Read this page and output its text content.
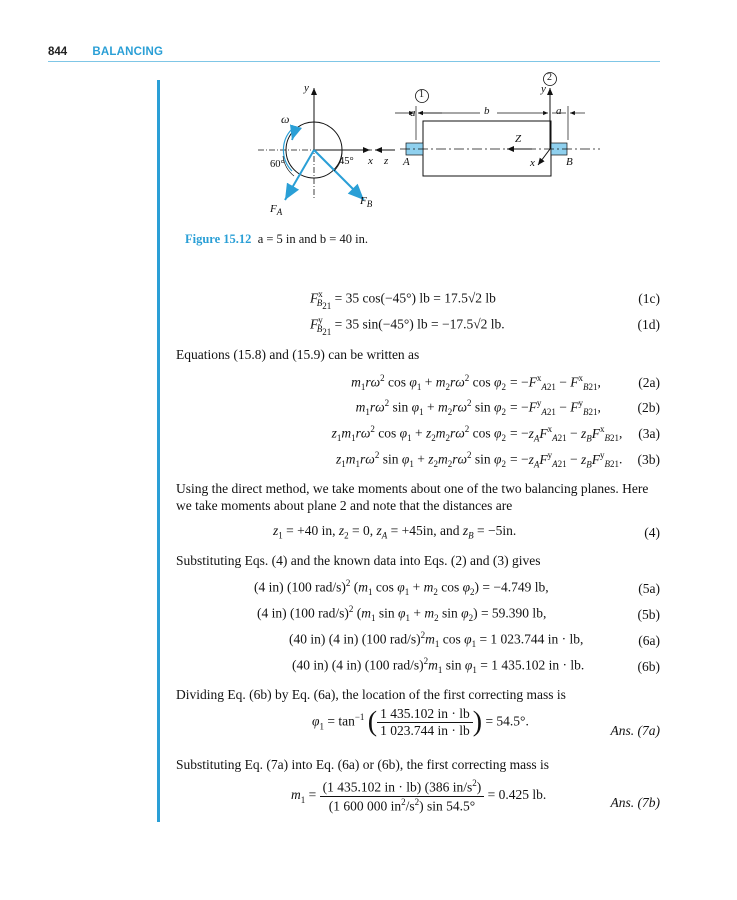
844 BALANCING
y
ω
60°	45° x z
$F_A$
$F_B$
1
2
a	b	a
y
Z
x
A	B
Figure 15.12 a = 5 in and b = 40 in.
$F^x_{B_{21}} = 35$ cos(−45°) lb = 17.5√2 lb	(1c)
$F^y_{B_{21}} = 35$ sin(−45°) lb = −17.5√2 lb.	(1d)
Equations (15.8) and (15.9) can be written as
$m_1r\omega^2$ $\cos \varphi_1 + m_2r\omega^2$ $\cos \varphi_2 = -F^x_{A21} - F^x_{B21}$,	(2a)
$m_1r\omega^2$ $\sin \varphi_1 + m_2r\omega^2$ $\sin \varphi_2 = -F^y_{A21} - F^y_{B21}$,	(2b)
$z_1m_1r\omega^2$ $\cos \varphi_1 + z_2m_2r\omega^2$ $\cos \varphi_2 = -z_AF^x_{A21} - z_BF^x_{B21}$, (3a)
$z_1m_1r\omega^2$ $\sin \varphi_1 + z_2m_2r\omega^2$ $\sin \varphi_2 = -z_AF^y_{A21} - z_BF^y_{B21}$. (3b)
Using the direct method, we take moments about one of the two balancing planes. Here we take moments about plane 2 and note that the distances are
$z_1 = +40$ in, $z_2 = 0$, $z_A = +45in$, and $z_B = -5in$.	(4)
Substituting Eqs. (4) and the known data into Eqs. (2) and (3) gives
(4 in) (100 rad/s)$^2$ ($m_1$ $\cos \varphi_1 + m_2$ $\cos \varphi_2) = -4.749$ lb,	(5a)
(4 in) (100 rad/s)$^2$ ($m_1$ $\sin \varphi_1 + m_2$ $\sin \varphi_2) = 59.390$ lb,	(5b)
(40 in) (4 in) (100 rad/$s)^2m_1$ $\cos \varphi_1 = 1$ 023.744 in · lb,	(6a)
(40 in) (4 in) (100 rad/$s)^2m_1$ $\sin \varphi_1 = 1$ 435.102 in · lb.	(6b)
Dividing Eq. (6b) by Eq. (6a), the location of the first correcting mass is
$\varphi_1 = \tan^{-1}$ ( $\frac{1 435.102 in \cdot lb}{1 023.744 in \cdot lb}$ ) = 54.5°.
Ans. (7a)
Substituting Eq. (7a) into Eq. (6a) or (6b), the first correcting mass is
$m_1 = \frac{(1 435.102 in \cdot lb) (386 in/s^2)}{(1 600 000 in^2/s^2) \sin 54.5^\circ} = 0.425$ lb.
Ans. (7b)
